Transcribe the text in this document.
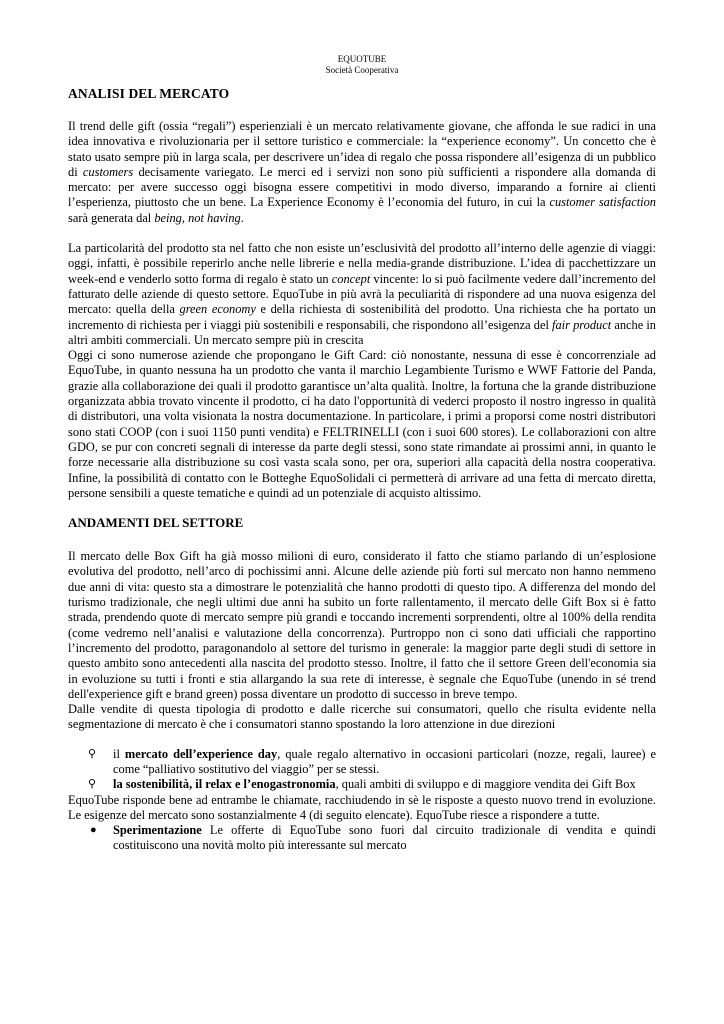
EQUOTUBE
Società Cooperativa
ANALISI DEL MERCATO

Il trend delle gift (ossia “regali”) esperienziali è un mercato relativamente giovane, che affonda le sue radici in una idea innovativa e rivoluzionaria per il settore turistico e commerciale: la “experience economy”. Un concetto che è stato usato sempre più in larga scala, per descrivere un’idea di regalo che possa rispondere all’esigenza di un pubblico di customers decisamente variegato. Le merci ed i servizi non sono più sufficienti a rispondere alla domanda di mercato: per avere successo oggi bisogna essere competitivi in modo diverso, imparando a fornire ai clienti l’esperienza, piuttosto che un bene. La Experience Economy è l’economia del futuro, in cui la customer satisfaction sarà generata dal being, not having.

La particolarità del prodotto sta nel fatto che non esiste un’esclusività del prodotto all’interno delle agenzie di viaggi: oggi, infatti, è possibile reperirlo anche nelle librerie e nella media-grande distribuzione. L’idea di pacchettizzare un week-end e venderlo sotto forma di regalo è stato un concept vincente: lo si può facilmente vedere dall’incremento del fatturato delle aziende di questo settore. EquoTube in più avrà la peculiarità di rispondere ad una nuova esigenza del mercato: quella della green economy e della richiesta di sostenibilità del prodotto. Una richiesta che ha portato un incremento di richiesta per i viaggi più sostenibili e responsabili, che rispondono all’esigenza del fair product anche in altri ambiti commerciali. Un mercato sempre più in crescita

Oggi ci sono numerose aziende che propongano le Gift Card: ciò nonostante, nessuna di esse è concorrenziale ad EquoTube, in quanto nessuna ha un prodotto che vanta il marchio Legambiente Turismo e WWF Fattorie del Panda, grazie alla collaborazione dei quali il prodotto garantisce un’alta qualità. Inoltre, la fortuna che la grande distribuzione organizzata abbia trovato vincente il prodotto, ci ha dato l'opportunità di vederci proposto il nostro ingresso in qualità di distributori, una volta visionata la nostra documentazione. In particolare, i primi a proporsi come nostri distributori sono stati COOP (con i suoi 1150 punti vendita) e FELTRINELLI (con i suoi 600 stores). Le collaborazioni con altre GDO, se pur con concreti segnali di interesse da parte degli stessi, sono state rimandate ai prossimi anni, in quanto le forze necessarie alla distribuzione su così vasta scala sono, per ora, superiori alla capacità della nostra cooperativa. Infine, la possibilità di contatto con le Botteghe EquoSolidali ci permetterà di arrivare ad una fetta di mercato diretta, persone sensibili a queste tematiche e quindi ad un potenziale di acquisto altissimo.

ANDAMENTI DEL SETTORE

Il mercato delle Box Gift ha già mosso milioni di euro, considerato il fatto che stiamo parlando di un’esplosione evolutiva del prodotto, nell’arco di pochissimi anni. Alcune delle aziende più forti sul mercato non hanno nemmeno due anni di vita: questo sta a dimostrare le potenzialità che hanno prodotti di questo tipo. A differenza del mondo del turismo tradizionale, che negli ultimi due anni ha subito un forte rallentamento, il mercato delle Gift Box si è fatto strada, prendendo quote di mercato sempre più grandi e toccando incrementi sorprendenti, oltre al 100% della rendita (come vedremo nell’analisi e valutazione della concorrenza). Purtroppo non ci sono dati ufficiali che rapportino l’incremento del prodotto, paragonandolo al settore del turismo in generale: la maggior parte degli studi di settore in questo ambito sono antecedenti alla nascita del prodotto stesso. Inoltre, il fatto che il settore Green dell'economia sia in evoluzione su tutti i fronti e stia allargando la sua rete di interesse, è segnale che EquoTube (unendo in sé trend dell'experience gift e brand green) possa diventare un prodotto di successo in breve tempo.

Dalle vendite di questa tipologia di prodotto e dalle ricerche sui consumatori, quello che risulta evidente nella segmentazione di mercato è che i consumatori stanno spostando la loro attenzione in due direzioni

⚲ il mercato dell’experience day, quale regalo alternativo in occasioni particolari (nozze, regali, lauree) e come “palliativo sostitutivo del viaggio” per se stessi.
⚲ la sostenibilità, il relax e l’enogastronomia, quali ambiti di sviluppo e di maggiore vendita dei Gift Box

EquoTube risponde bene ad entrambe le chiamate, racchiudendo in sè le risposte a questo nuovo trend in evoluzione. Le esigenze del mercato sono sostanzialmente 4 (di seguito elencate). EquoTube riesce a rispondere a tutte.

● Sperimentazione Le offerte di EquoTube sono fuori dal circuito tradizionale di vendita e quindi costituiscono una novità molto più interessante sul mercato
